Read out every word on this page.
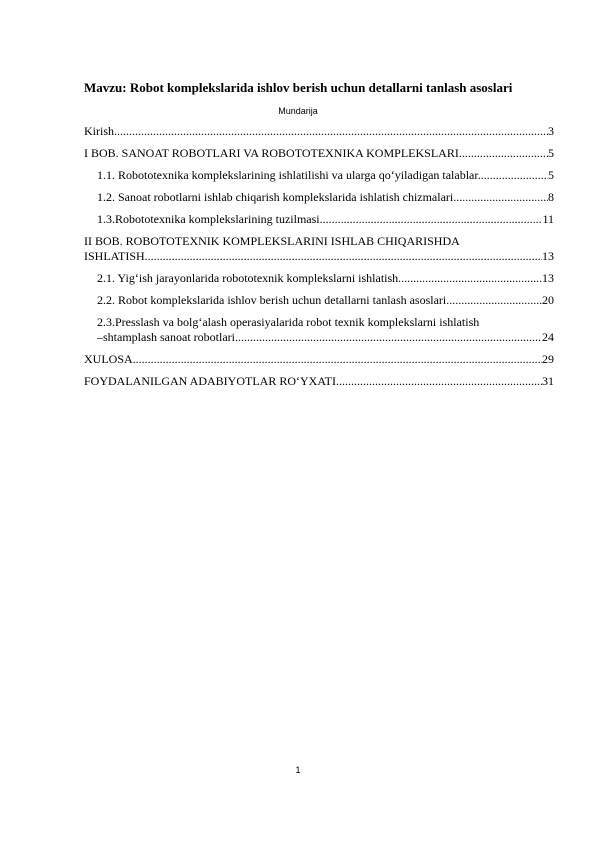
Mavzu: Robot komplekslarida ishlov berish uchun detallarni tanlash asoslari
Mundarija
Kirish .....	3
I BOB. SANOAT ROBOTLARI VA ROBOTOTEXNIKA KOMPLEKSLARI .....	5
1.1. Robototexnika komplekslarining ishlatilishi va ularga qo‘yiladigan talablar. .....	5
1.2. Sanoat robotlarni ishlab chiqarish komplekslarida ishlatish chizmalari .....	8
1.3.Robototexnika komplekslarining tuzilmasi .....	11
II BOB. ROBOTOTEXNIK KOMPLEKSLARINI ISHLAB CHIQARISHDA
ISHLATISH .....	13
2.1. Yig‘ish jarayonlarida robototexnik komplekslarni ishlatish .....	13
2.2. Robot komplekslarida ishlov berish uchun detallarni tanlash asoslari. .....	20
2.3.Presslash va bolg‘alash operasiyalarida robot texnik komplekslarni ishlatish
–shtamplash sanoat robotlari .....	24
XULOSA .....	29
FOYDALANILGAN ADABIYOTLAR RO‘YXATI .....	31
1
